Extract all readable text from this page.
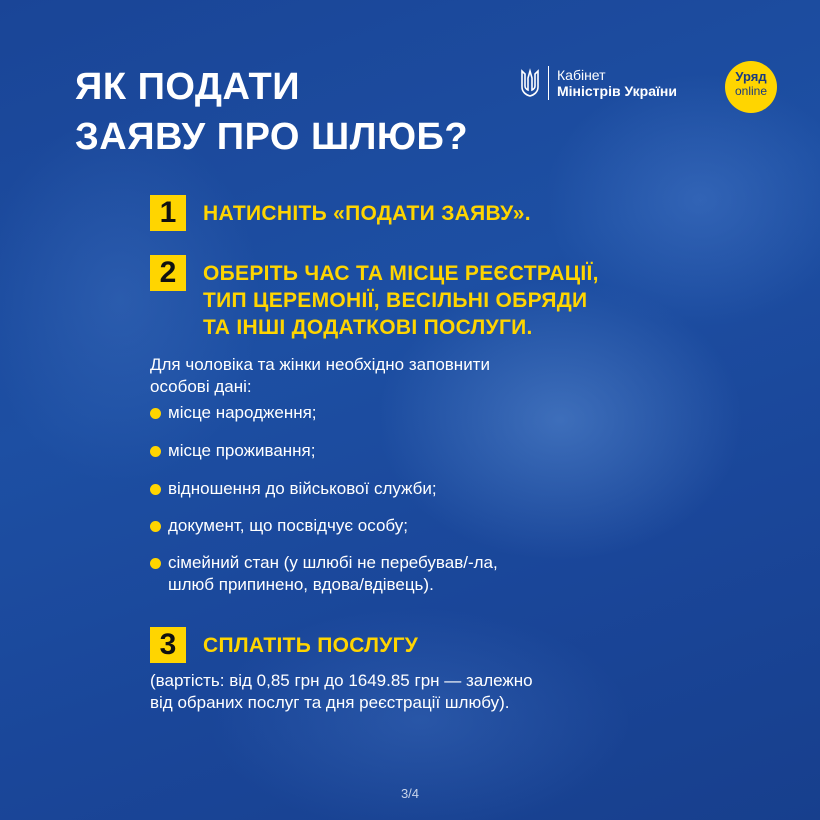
ЯК ПОДАТИ
ЗАЯВУ ПРО ШЛЮБ?
Кабінет
Міністрів України
Уряд
online
1	НАТИСНІТЬ «ПОДАТИ ЗАЯВУ».
2	ОБЕРІТЬ ЧАС ТА МІСЦЕ РЕЄСТРАЦІЇ,
ТИП ЦЕРЕМОНІЇ, ВЕСІЛЬНІ ОБРЯДИ
ТА ІНШІ ДОДАТКОВІ ПОСЛУГИ.
Для чоловіка та жінки необхідно заповнити
особові дані:
місце народження;
місце проживання;
відношення до військової служби;
документ, що посвідчує особу;
сімейний стан (у шлюбі не перебував/-ла,
шлюб припинено, вдова/вдівець).
3	СПЛАТІТЬ ПОСЛУГУ
(вартість: від 0,85 грн до 1649.85 грн — залежно
від обраних послуг та дня реєстрації шлюбу).
3/4
